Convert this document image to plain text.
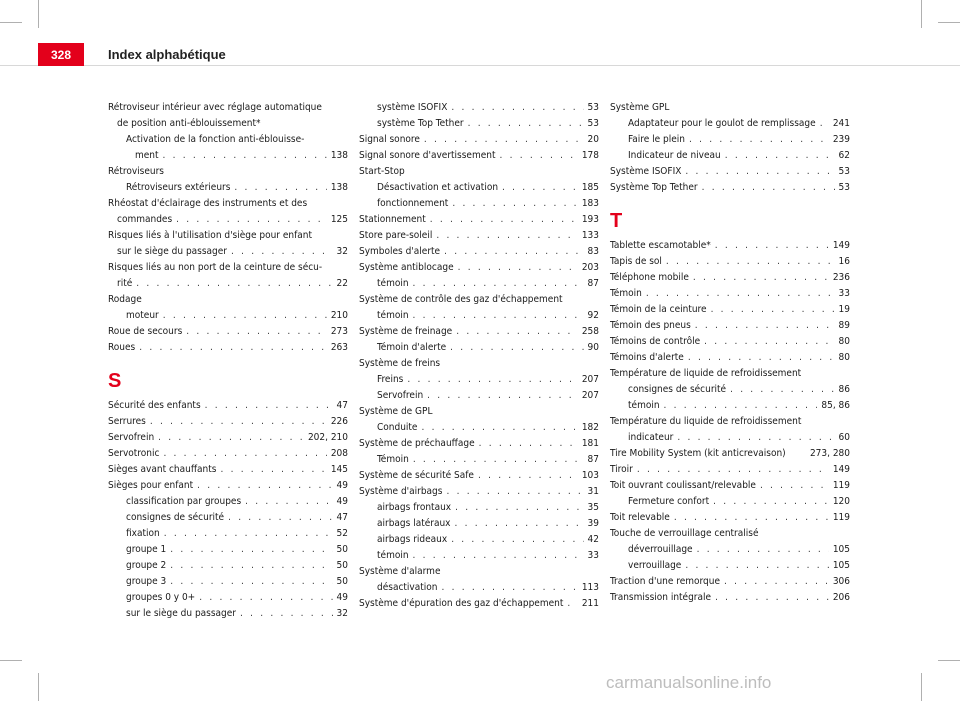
328	Index alphabétique
Rétroviseur intérieur avec réglage automatique
de position anti-éblouissement*
Activation de la fonction anti-éblouisse-
ment . . .	138
Rétroviseurs
Rétroviseurs extérieurs . . .	138
Rhéostat d'éclairage des instruments et des
commandes . . .	125
Risques liés à l'utilisation d'siège pour enfant
sur le siège du passager . . .	32
Risques liés au non port de la ceinture de sécu-
rité . . .	22
Rodage
moteur . . .	210
Roue de secours . . .	273
Roues . . .	263
S
Sécurité des enfants . . .	47
Serrures . . .	226
Servofrein . . .	202, 210
Servotronic . . .	208
Sièges avant chauffants . . .	145
Sièges pour enfant . . .	49
classification par groupes . . .	49
consignes de sécurité . . .	47
fixation . . .	52
groupe 1 . . .	50
groupe 2 . . .	50
groupe 3 . . .	50
groupes 0 y 0+ . . .	49
sur le siège du passager . . .	32
système ISOFIX . . .	53
système Top Tether . . .	53
Signal sonore . . .	20
Signal sonore d'avertissement . . .	178
Start-Stop
Désactivation et activation . . .	185
fonctionnement . . .	183
Stationnement . . .	193
Store pare-soleil . . .	133
Symboles d'alerte . . .	83
Système antiblocage . . .	203
témoin . . .	87
Système de contrôle des gaz d'échappement
témoin . . .	92
Système de freinage . . .	258
Témoin d'alerte . . .	90
Système de freins
Freins . . .	207
Servofrein . . .	207
Système de GPL
Conduite . . .	182
Système de préchauffage . . .	181
Témoin . . .	87
Système de sécurité Safe . . .	103
Système d'airbags . . .	31
airbags frontaux . . .	35
airbags latéraux . . .	39
airbags rideaux . . .	42
témoin . . .	33
Système d'alarme
désactivation . . .	113
Système d'épuration des gaz d'échappement . . . 211
Système GPL
Adaptateur pour le goulot de remplissage . . . 241
Faire le plein . . .	239
Indicateur de niveau . . .	62
Système ISOFIX . . .	53
Système Top Tether . . .	53
T
Tablette escamotable* . . .	149
Tapis de sol . . .	16
Téléphone mobile . . .	236
Témoin . . .	33
Témoin de la ceinture . . .	19
Témoin des pneus . . .	89
Témoins de contrôle . . .	80
Témoins d'alerte . . .	80
Température de liquide de refroidissement
consignes de sécurité . . .	86
témoin . . .	85, 86
Température du liquide de refroidissement
indicateur . . .	60
Tire Mobility System (kit anticrevaison) 273, 280
Tiroir . . .	149
Toit ouvrant coulissant/relevable . . .	119
Fermeture confort . . .	120
Toit relevable . . .	119
Touche de verrouillage centralisé
déverrouillage . . .	105
verrouillage . . .	105
Traction d'une remorque . . .	306
Transmission intégrale . . .	206
carmanualsonline.info
